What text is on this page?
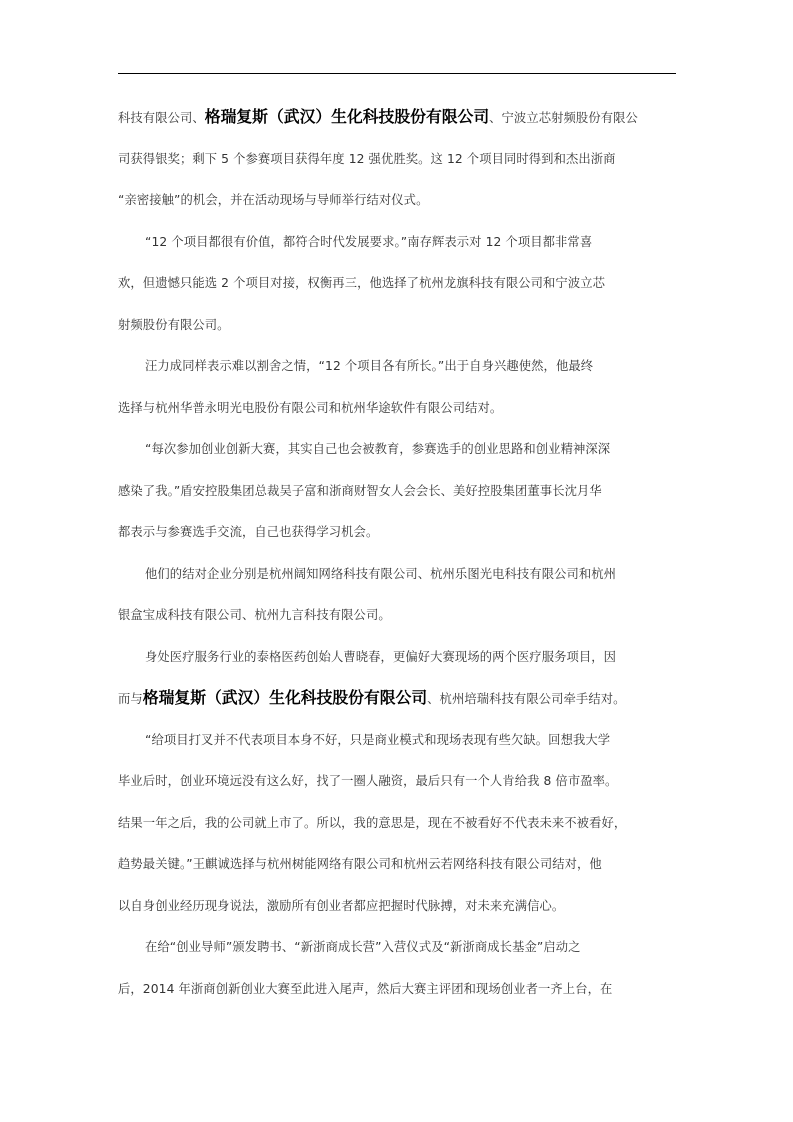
科技有限公司、格瑞复斯（武汉）生化科技股份有限公司、宁波立芯射频股份有限公
司获得银奖；剩下 5 个参赛项目获得年度 12 强优胜奖。这 12 个项目同时得到和杰出浙商
“亲密接触”的机会，并在活动现场与导师举行结对仪式。
“12 个项目都很有价值，都符合时代发展要求。”南存辉表示对 12 个项目都非常喜
欢，但遗憾只能选 2 个项目对接，权衡再三，他选择了杭州龙旗科技有限公司和宁波立芯
射频股份有限公司。
汪力成同样表示难以割舍之情，“12 个项目各有所长。”出于自身兴趣使然，他最终
选择与杭州华普永明光电股份有限公司和杭州华途软件有限公司结对。
“每次参加创业创新大赛，其实自己也会被教育，参赛选手的创业思路和创业精神深深
感染了我。”盾安控股集团总裁吴子富和浙商财智女人会会长、美好控股集团董事长沈月华
都表示与参赛选手交流，自己也获得学习机会。
他们的结对企业分别是杭州阔知网络科技有限公司、杭州乐图光电科技有限公司和杭州
银盒宝成科技有限公司、杭州九言科技有限公司。
身处医疗服务行业的泰格医药创始人曹晓春，更偏好大赛现场的两个医疗服务项目，因
而与格瑞复斯（武汉）生化科技股份有限公司、杭州培瑞科技有限公司牵手结对。
“给项目打叉并不代表项目本身不好，只是商业模式和现场表现有些欠缺。回想我大学
毕业后时，创业环境远没有这么好，找了一圈人融资，最后只有一个人肯给我 8 倍市盈率。
结果一年之后，我的公司就上市了。所以，我的意思是，现在不被看好不代表未来不被看好，
趋势最关键。”王麒诚选择与杭州树能网络有限公司和杭州云若网络科技有限公司结对，他
以自身创业经历现身说法，激励所有创业者都应把握时代脉搏，对未来充满信心。
在给“创业导师”颁发聘书、“新浙商成长营”入营仪式及“新浙商成长基金”启动之
后，2014 年浙商创新创业大赛至此进入尾声，然后大赛主评团和现场创业者一齐上台，在
